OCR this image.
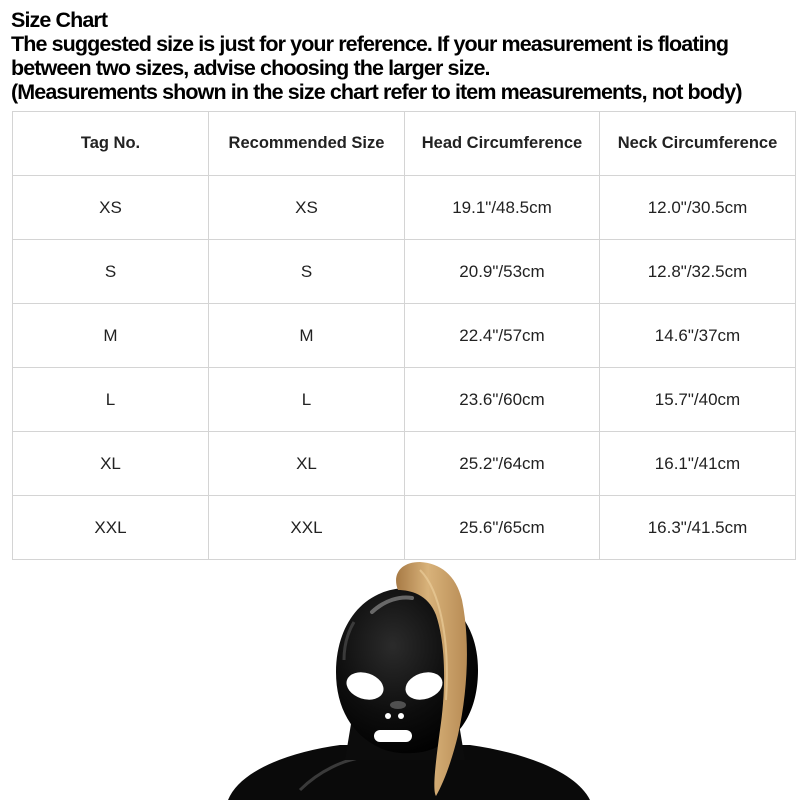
Size Chart
The suggested size is just for your reference. If your measurement is floating
between two sizes, advise choosing the larger size.
(Measurements shown in the size chart refer to item measurements, not body)
Tag No.	Recommended Size	Head Circumference	Neck Circumference
XS	XS	19.1"/48.5cm	12.0"/30.5cm
S	S	20.9"/53cm	12.8"/32.5cm
M	M	22.4"/57cm	14.6"/37cm
L	L	23.6"/60cm	15.7"/40cm
XL	XL	25.2"/64cm	16.1"/41cm
XXL	XXL	25.6"/65cm	16.3"/41.5cm
